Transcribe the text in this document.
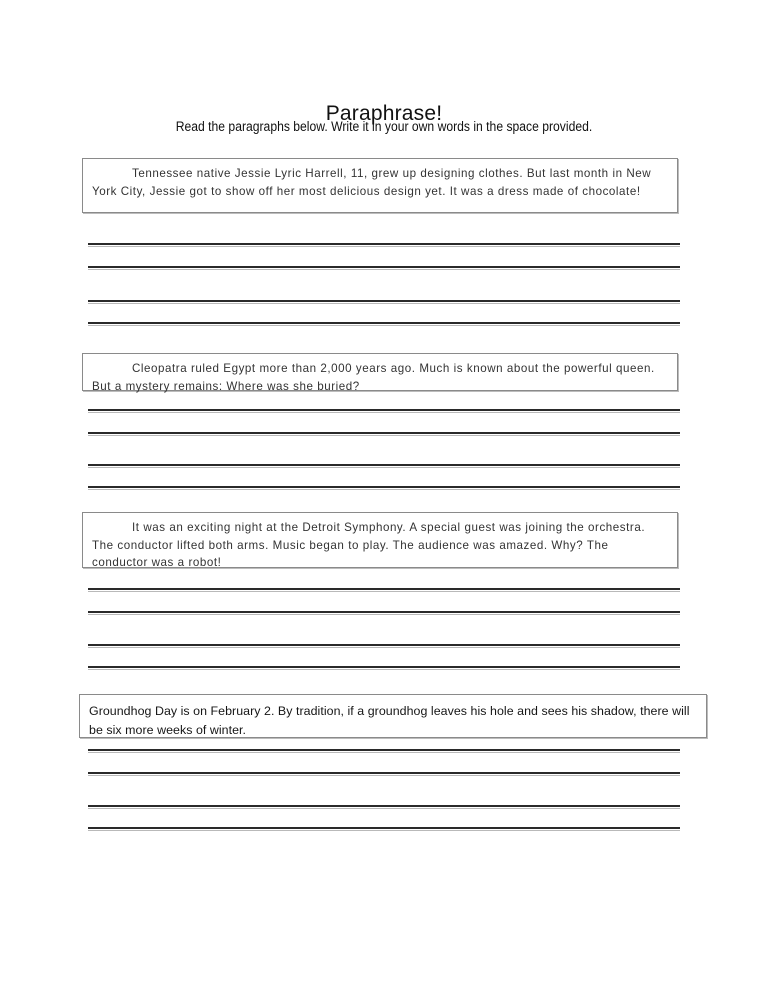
Paraphrase!
Read the paragraphs below. Write it in your own words in the space provided.

Tennessee native Jessie Lyric Harrell, 11, grew up designing clothes. But last month in New York City, Jessie got to show off her most delicious design yet. It was a dress made of chocolate!

Cleopatra ruled Egypt more than 2,000 years ago. Much is known about the powerful queen. But a mystery remains: Where was she buried?

It was an exciting night at the Detroit Symphony. A special guest was joining the orchestra. The conductor lifted both arms. Music began to play. The audience was amazed. Why? The conductor was a robot!

Groundhog Day is on February 2. By tradition, if a groundhog leaves his hole and sees his shadow, there will be six more weeks of winter.
